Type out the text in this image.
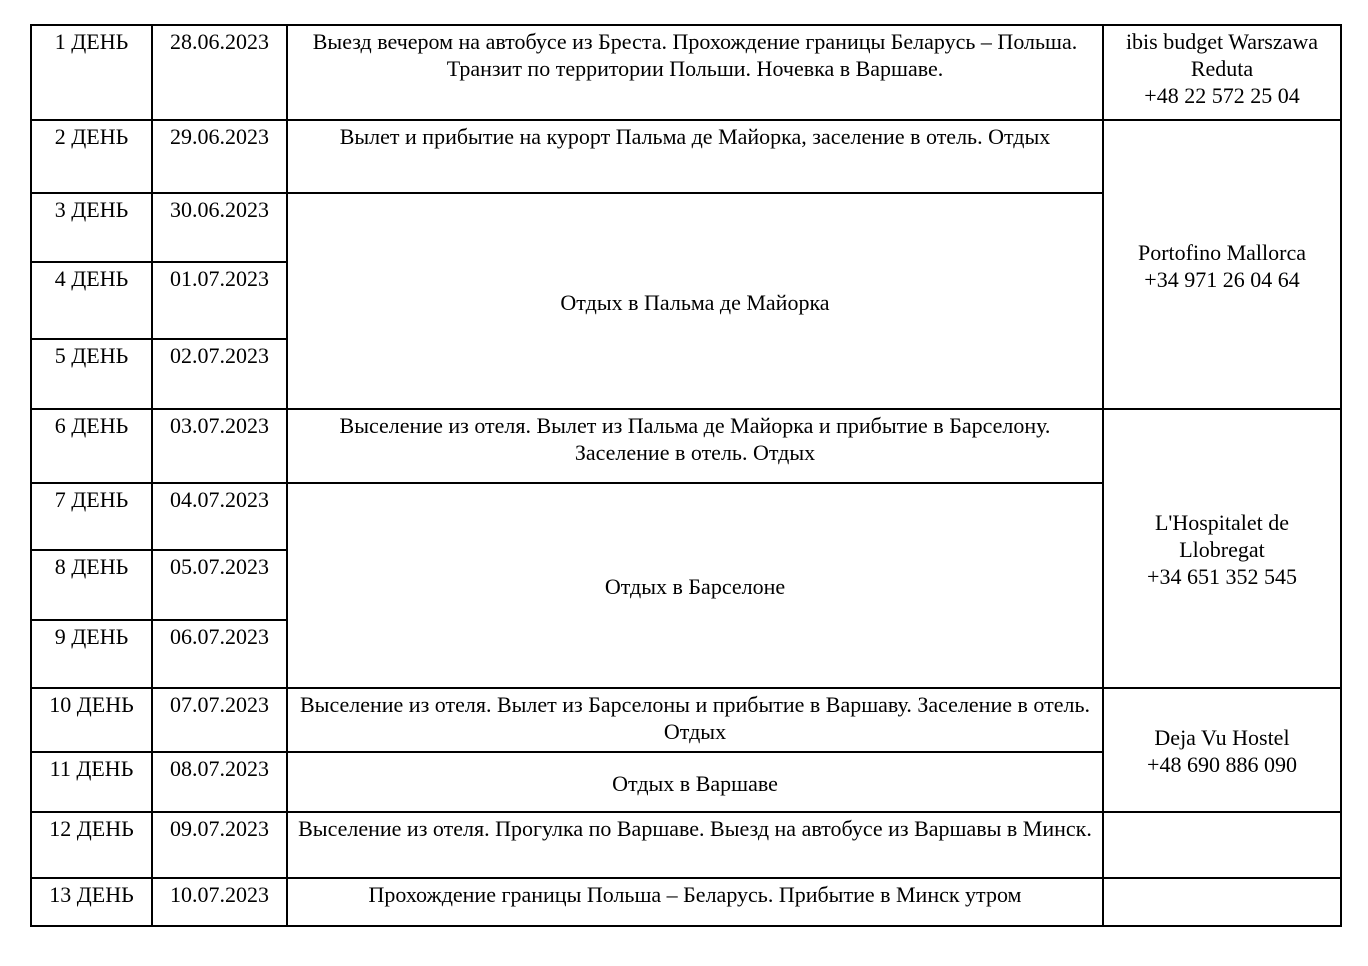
1 ДЕНЬ	28.06.2023	Выезд вечером на автобусе из Бреста. Прохождение границы Беларусь – Польша. Транзит по территории Польши. Ночевка в Варшаве.	ibis budget Warszawa
Reduta
+48 22 572 25 04

2 ДЕНЬ	29.06.2023	Вылет и прибытие на курорт Пальма де Майорка, заселение в отель. Отдых	Portofino Mallorca
+34 971 26 04 64

3 ДЕНЬ	30.06.2023	Отдых в Пальма де Майорка	
4 ДЕНЬ	01.07.2023		
5 ДЕНЬ	02.07.2023		
6 ДЕНЬ	03.07.2023	Выселение из отеля. Вылет из Пальма де Майорка и прибытие в Барселону. Заселение в отель. Отдых	L'Hospitalet de
Llobregat
+34 651 352 545

7 ДЕНЬ	04.07.2023	Отдых в Барселоне	
8 ДЕНЬ	05.07.2023		
9 ДЕНЬ	06.07.2023		
10 ДЕНЬ	07.07.2023	Выселение из отеля. Вылет из Барселоны и прибытие в Варшаву. Заселение в отель. Отдых	Deja Vu Hostel
+48 690 886 090

11 ДЕНЬ	08.07.2023	Отдых в Варшаве	
12 ДЕНЬ	09.07.2023	Выселение из отеля. Прогулка по Варшаве. Выезд на автобусе из Варшавы в Минск.	
13 ДЕНЬ	10.07.2023	Прохождение границы Польша – Беларусь. Прибытие в Минск утром	
